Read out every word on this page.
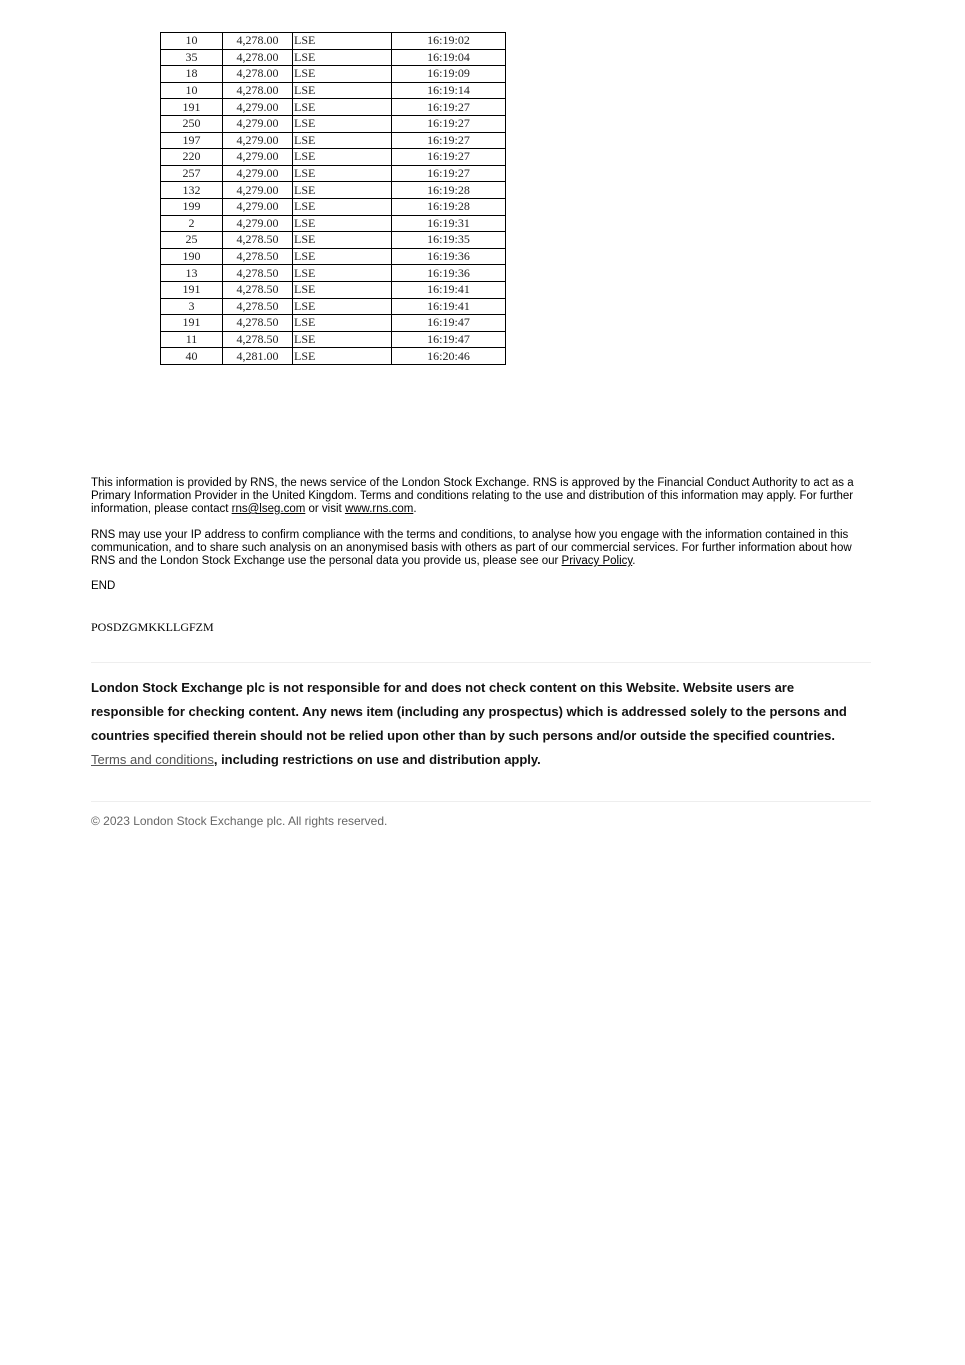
10	4,278.00	LSE	16:19:02
35	4,278.00	LSE	16:19:04
18	4,278.00	LSE	16:19:09
10	4,278.00	LSE	16:19:14
191	4,279.00	LSE	16:19:27
250	4,279.00	LSE	16:19:27
197	4,279.00	LSE	16:19:27
220	4,279.00	LSE	16:19:27
257	4,279.00	LSE	16:19:27
132	4,279.00	LSE	16:19:28
199	4,279.00	LSE	16:19:28
2	4,279.00	LSE	16:19:31
25	4,278.50	LSE	16:19:35
190	4,278.50	LSE	16:19:36
13	4,278.50	LSE	16:19:36
191	4,278.50	LSE	16:19:41
3	4,278.50	LSE	16:19:41
191	4,278.50	LSE	16:19:47
11	4,278.50	LSE	16:19:47
40	4,281.00	LSE	16:20:46

This information is provided by RNS, the news service of the London Stock Exchange. RNS is approved by the Financial Conduct Authority to act as a Primary Information Provider in the United Kingdom. Terms and conditions relating to the use and distribution of this information may apply. For further information, please contact rns@lseg.com or visit www.rns.com.

RNS may use your IP address to confirm compliance with the terms and conditions, to analyse how you engage with the information contained in this communication, and to share such analysis on an anonymised basis with others as part of our commercial services. For further information about how RNS and the London Stock Exchange use the personal data you provide us, please see our Privacy Policy.

END

POSDZGMKKLLGFZM

London Stock Exchange plc is not responsible for and does not check content on this Website. Website users are responsible for checking content. Any news item (including any prospectus) which is addressed solely to the persons and countries specified therein should not be relied upon other than by such persons and/or outside the specified countries. Terms and conditions, including restrictions on use and distribution apply.

© 2023 London Stock Exchange plc. All rights reserved.
